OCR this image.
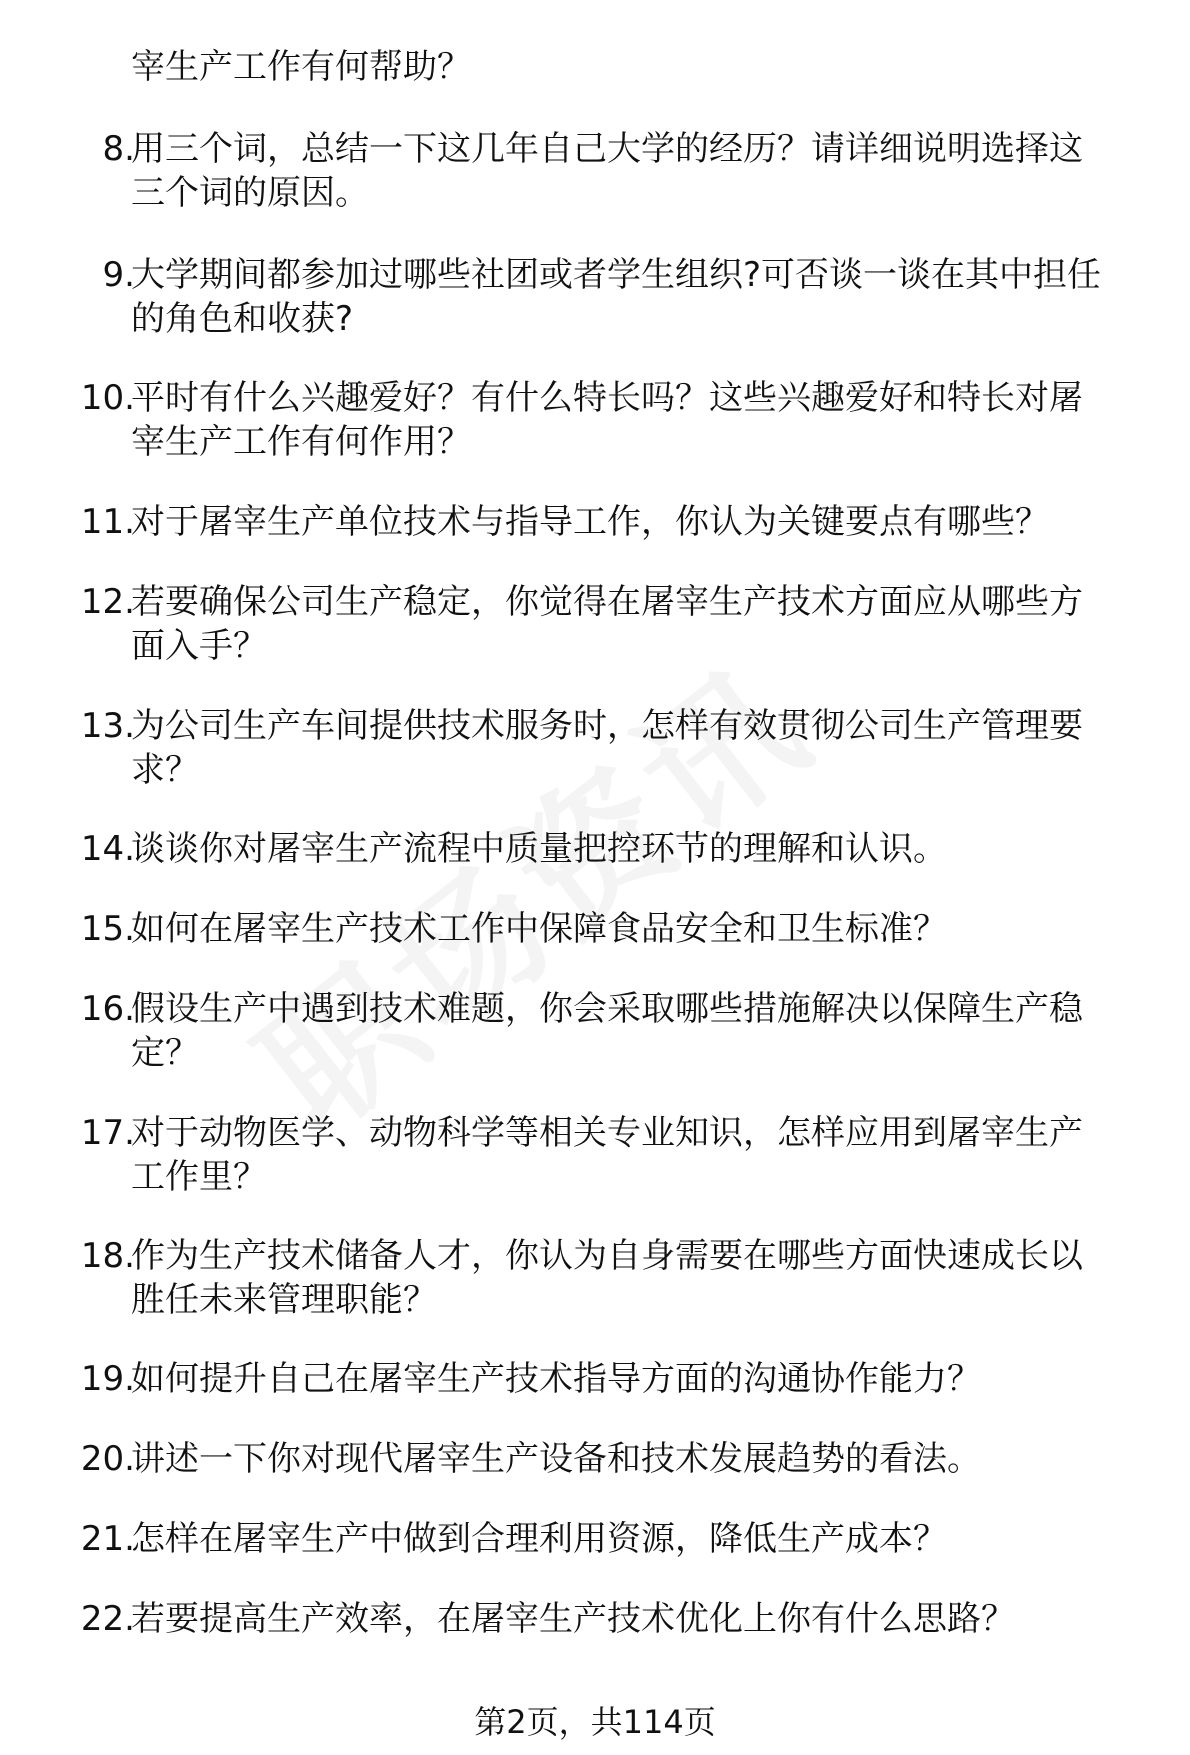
宰生产工作有何帮助？
8.
用三个词，总结一下这几年自己大学的经历？请详细说明选择这
三个词的原因。
9.
大学期间都参加过哪些社团或者学生组织?可否谈一谈在其中担任
的角色和收获?
10.
平时有什么兴趣爱好？有什么特长吗？这些兴趣爱好和特长对屠
宰生产工作有何作用？
11.
对于屠宰生产单位技术与指导工作，你认为关键要点有哪些？
12.
若要确保公司生产稳定，你觉得在屠宰生产技术方面应从哪些方
面入手？
13.
为公司生产车间提供技术服务时，怎样有效贯彻公司生产管理要
求？
14.
谈谈你对屠宰生产流程中质量把控环节的理解和认识。
15.
如何在屠宰生产技术工作中保障食品安全和卫生标准？
16.
假设生产中遇到技术难题，你会采取哪些措施解决以保障生产稳
定？
17.
对于动物医学、动物科学等相关专业知识，怎样应用到屠宰生产
工作里？
18.
作为生产技术储备人才，你认为自身需要在哪些方面快速成长以
胜任未来管理职能？
19.
如何提升自己在屠宰生产技术指导方面的沟通协作能力？
20.
讲述一下你对现代屠宰生产设备和技术发展趋势的看法。
21.
怎样在屠宰生产中做到合理利用资源，降低生产成本？
22.
若要提高生产效率，在屠宰生产技术优化上你有什么思路？
第2页，共114页
